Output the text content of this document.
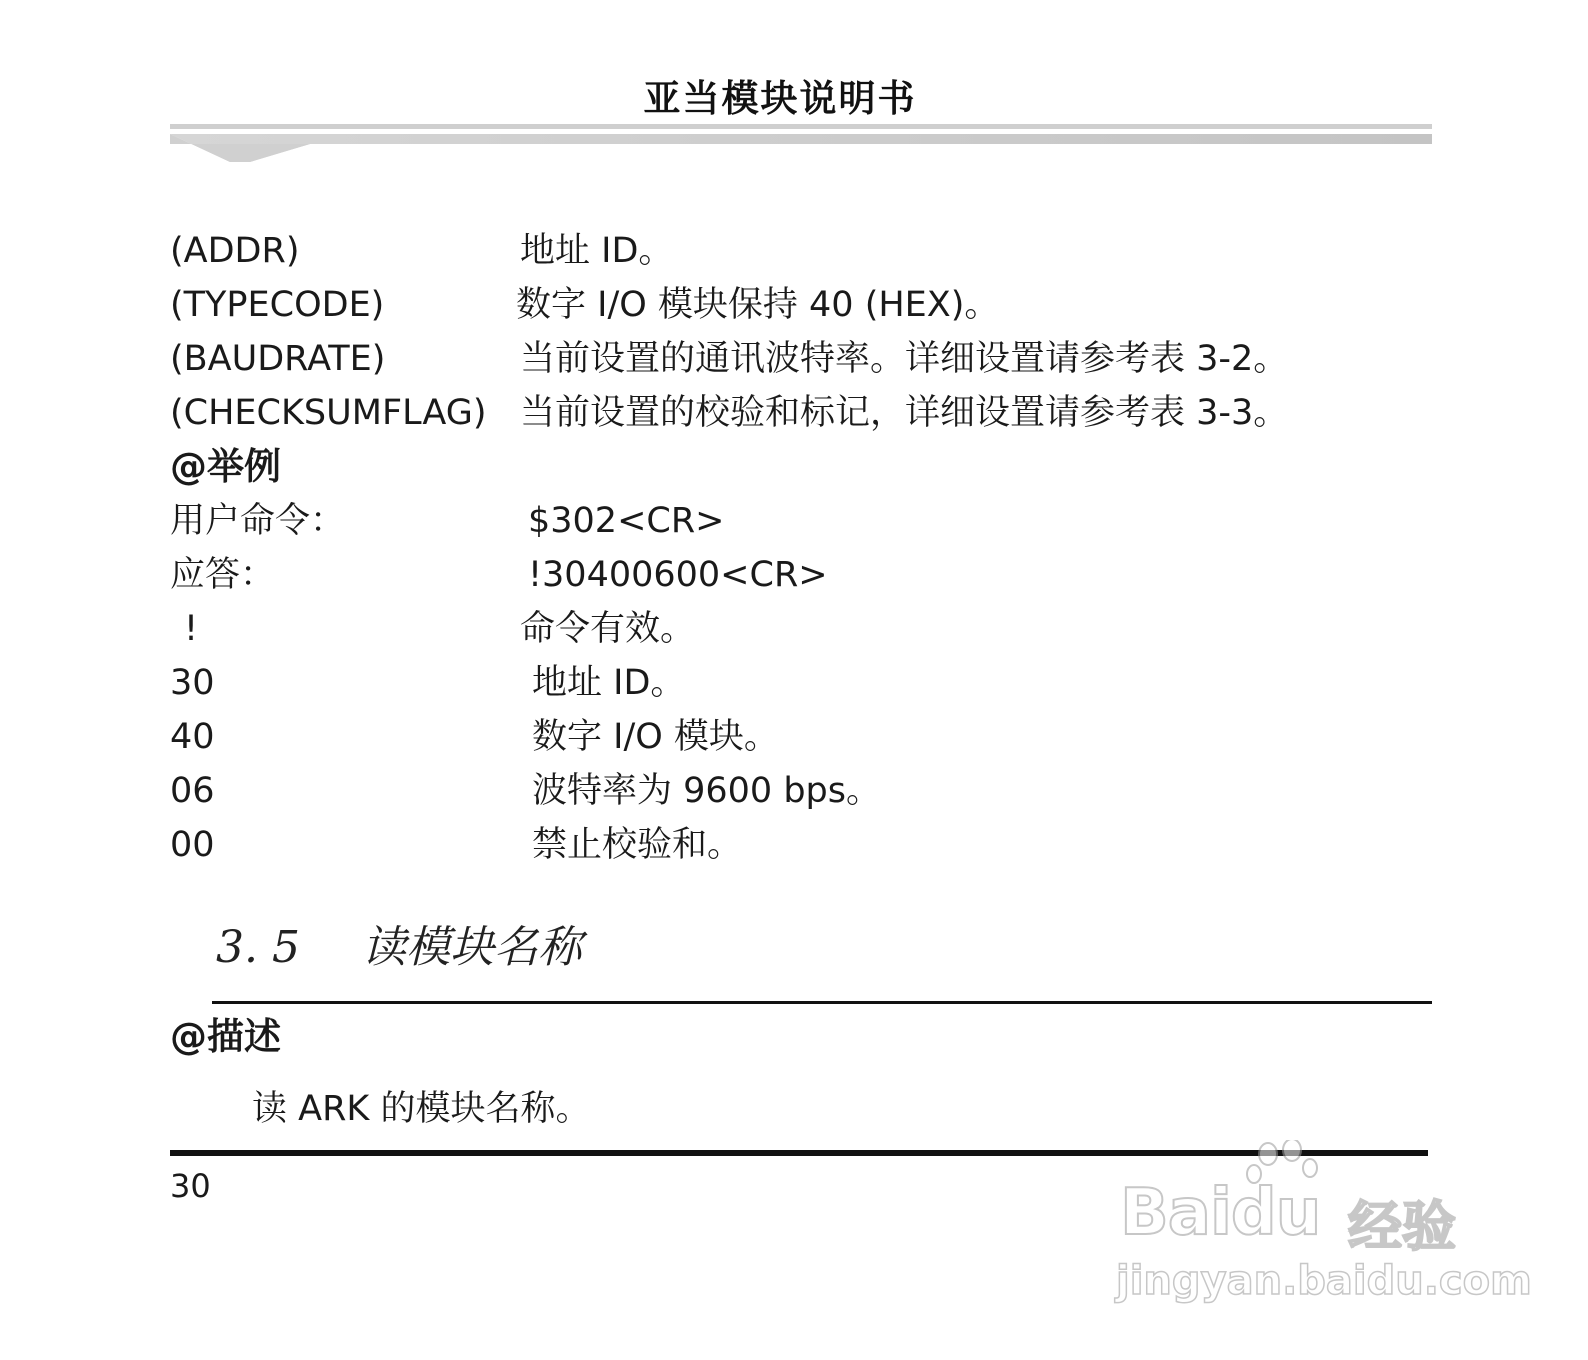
亚当模块说明书
(ADDR)	地址 ID。
(TYPECODE)	数字 I/O 模块保持 40 (HEX)。
(BAUDRATE)	当前设置的通讯波特率。详细设置请参考表 3-2。
(CHECKSUMFLAG) 当前设置的校验和标记，详细设置请参考表 3-3。
@举例
用户命令：	$302<CR>
应答：	!30400600<CR>
!	命令有效。
30	地址 ID。
40	数字 I/O 模块。
06	波特率为 9600 bps。
00	禁止校验和。
3. 5 读模块名称
@描述
读 ARK 的模块名称。
30	Baidu 经验
jingyan.baidu.com
